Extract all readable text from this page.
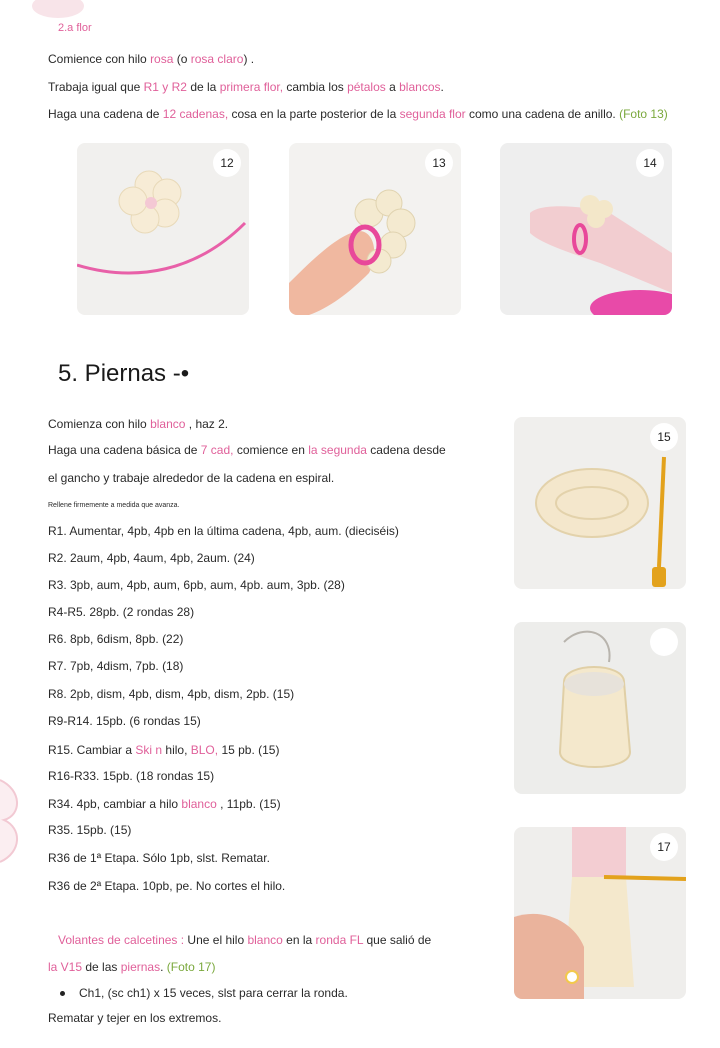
2.a flor
Comience con hilo rosa (o rosa claro) .
Trabaja igual que R1 y R2 de la primera flor, cambia los pétalos a blancos.
Haga una cadena de 12 cadenas, cosa en la parte posterior de la segunda flor como una cadena de anillo. (Foto 13)
12	13	14
5. Piernas -•
Comienza con hilo blanco , haz 2.
Haga una cadena básica de 7 cad, comience en la segunda cadena desde
el gancho y trabaje alrededor de la cadena en espiral.
Rellene firmemente a medida que avanza.
R1. Aumentar, 4pb, 4pb en la última cadena, 4pb, aum. (dieciséis)
R2. 2aum, 4pb, 4aum, 4pb, 2aum. (24)
R3. 3pb, aum, 4pb, aum, 6pb, aum, 4pb. aum, 3pb. (28)
R4-R5. 28pb. (2 rondas 28)
R6. 8pb, 6dism, 8pb. (22)
R7. 7pb, 4dism, 7pb. (18)
R8. 2pb, dism, 4pb, dism, 4pb, dism, 2pb. (15)
R9-R14. 15pb. (6 rondas 15)
R15. Cambiar a Ski n hilo, BLO, 15 pb. (15)
R16-R33. 15pb. (18 rondas 15)
R34. 4pb, cambiar a hilo blanco , 11pb. (15)
R35. 15pb. (15)
R36 de 1ª Etapa. Sólo 1pb, slst. Rematar.
R36 de 2ª Etapa. 10pb, pe. No cortes el hilo.
Volantes de calcetines : Une el hilo blanco en la ronda FL que salió de
la V15 de las piernas. (Foto 17)
Ch1, (sc ch1) x 15 veces, slst para cerrar la ronda.
Rematar y tejer en los extremos.
15
17
